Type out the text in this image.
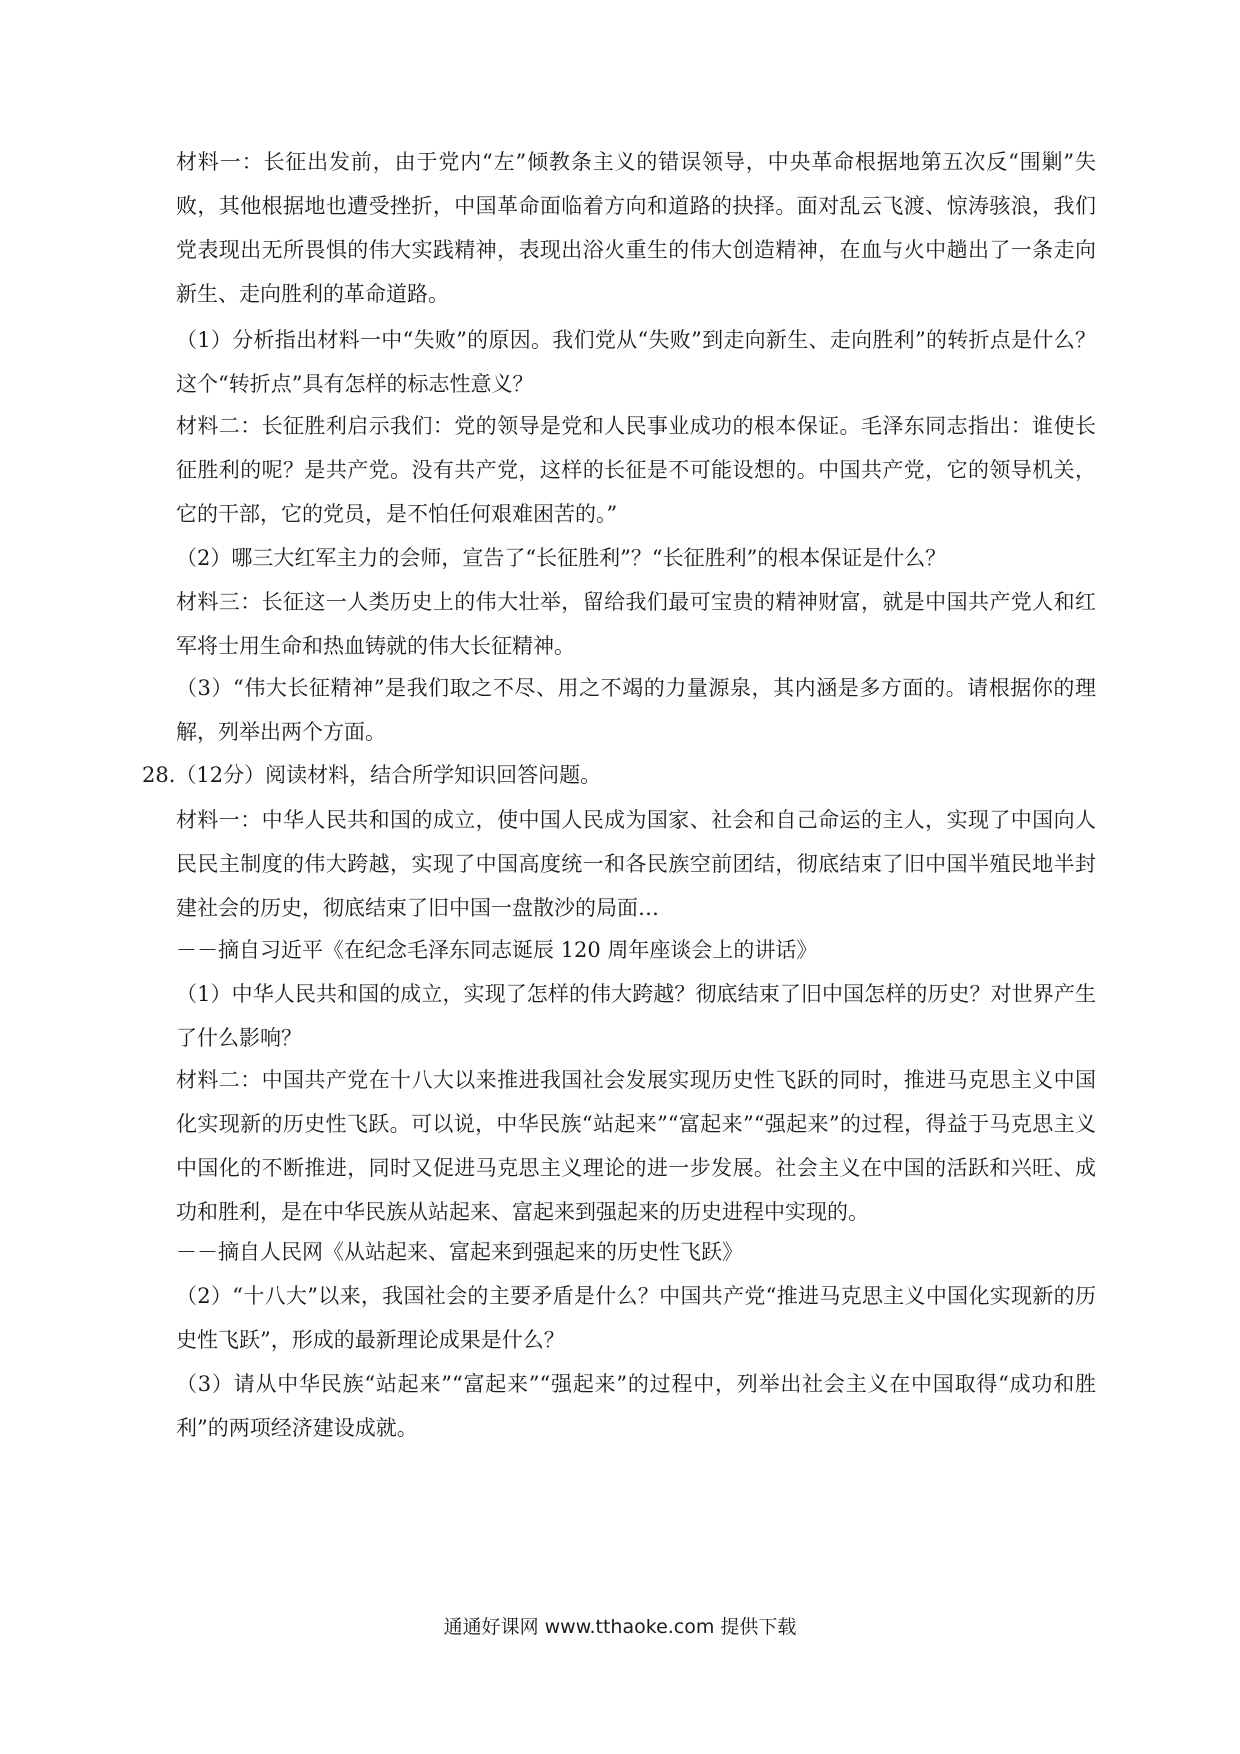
材料一：长征出发前，由于党内“左”倾教条主义的错误领导，中央革命根据地第五次反“围剿”失败，其他根据地也遭受挫折，中国革命面临着方向和道路的抉择。面对乱云飞渡、惊涛骇浪，我们党表现出无所畏惧的伟大实践精神，表现出浴火重生的伟大创造精神，在血与火中趟出了一条走向新生、走向胜利的革命道路。

（1）分析指出材料一中“失败”的原因。我们党从“失败”到走向新生、走向胜利”的转折点是什么？这个“转折点”具有怎样的标志性意义？

材料二：长征胜利启示我们：党的领导是党和人民事业成功的根本保证。毛泽东同志指出：谁使长征胜利的呢？是共产党。没有共产党，这样的长征是不可能设想的。中国共产党，它的领导机关，它的干部，它的党员，是不怕任何艰难困苦的。”

（2）哪三大红军主力的会师，宣告了“长征胜利”？“长征胜利”的根本保证是什么？

材料三：长征这一人类历史上的伟大壮举，留给我们最可宝贵的精神财富，就是中国共产党人和红军将士用生命和热血铸就的伟大长征精神。

（3）“伟大长征精神”是我们取之不尽、用之不竭的力量源泉，其内涵是多方面的。请根据你的理解，列举出两个方面。

28.（12分）阅读材料，结合所学知识回答问题。

材料一：中华人民共和国的成立，使中国人民成为国家、社会和自己命运的主人，实现了中国向人民民主制度的伟大跨越，实现了中国高度统一和各民族空前团结，彻底结束了旧中国半殖民地半封建社会的历史，彻底结束了旧中国一盘散沙的局面…

－－摘自习近平《在纪念毛泽东同志诞辰 120 周年座谈会上的讲话》

（1）中华人民共和国的成立，实现了怎样的伟大跨越？彻底结束了旧中国怎样的历史？对世界产生了什么影响？

材料二：中国共产党在十八大以来推进我国社会发展实现历史性飞跃的同时，推进马克思主义中国化实现新的历史性飞跃。可以说，中华民族“站起来”“富起来”“强起来”的过程，得益于马克思主义中国化的不断推进，同时又促进马克思主义理论的进一步发展。社会主义在中国的活跃和兴旺、成功和胜利，是在中华民族从站起来、富起来到强起来的历史进程中实现的。

－－摘自人民网《从站起来、富起来到强起来的历史性飞跃》

（2）“十八大”以来，我国社会的主要矛盾是什么？中国共产党“推进马克思主义中国化实现新的历史性飞跃”，形成的最新理论成果是什么？

（3）请从中华民族“站起来”“富起来”“强起来”的过程中，列举出社会主义在中国取得“成功和胜利”的两项经济建设成就。

通通好课网 www.tthaoke.com 提供下载
